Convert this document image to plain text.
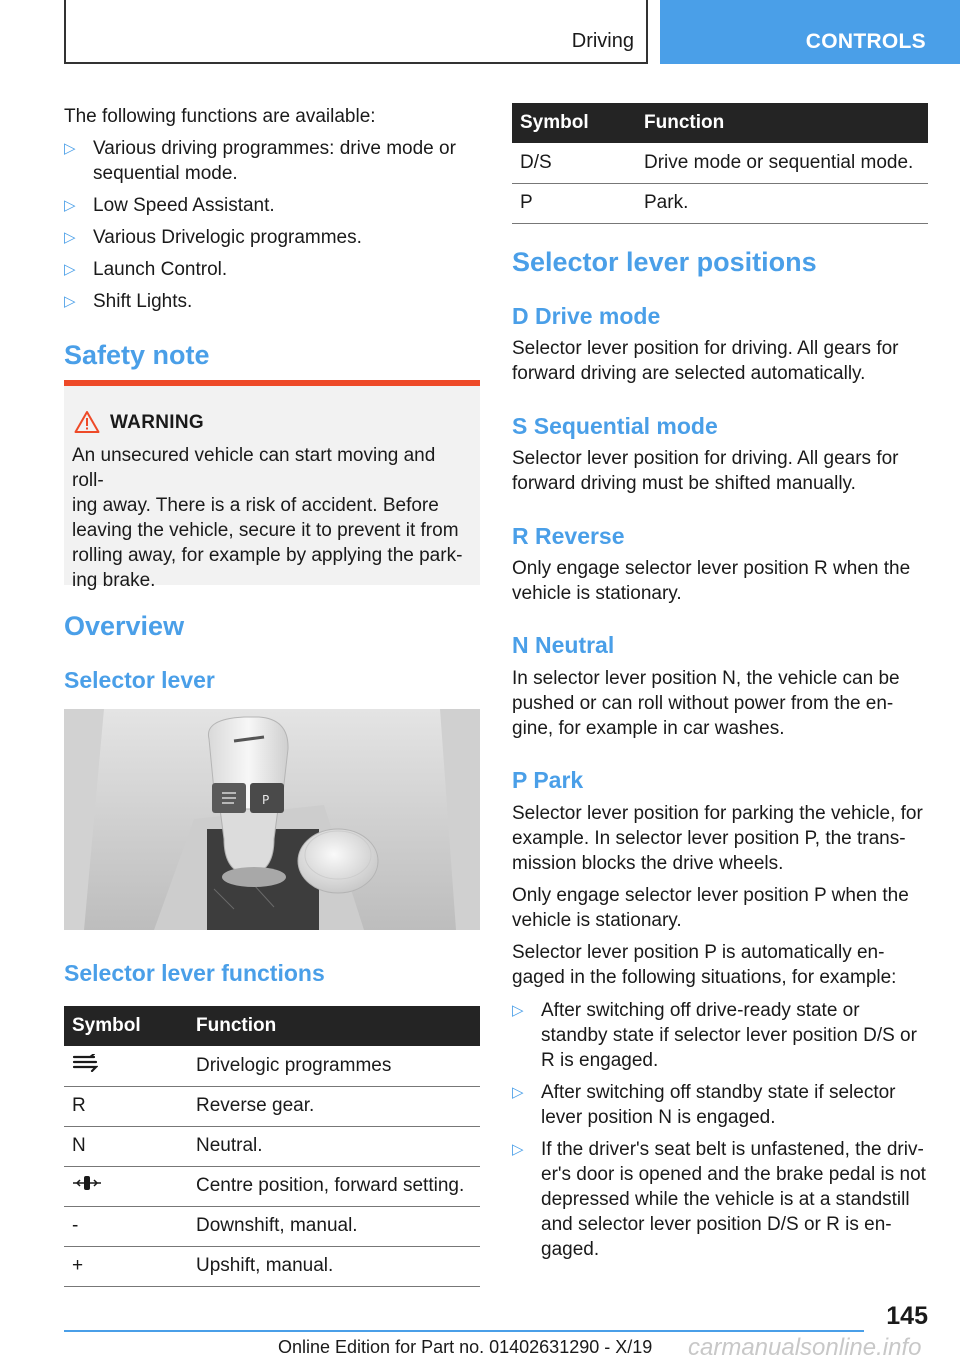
Driving	CONTROLS

The following functions are available:

▷ Various driving programmes: drive mode or
sequential mode.
▷ Low Speed Assistant.
▷ Various Drivelogic programmes.
▷ Launch Control.
▷ Shift Lights.
Safety note
WARNING
An unsecured vehicle can start moving and roll-
ing away. There is a risk of accident. Before
leaving the vehicle, secure it to prevent it from
rolling away, for example by applying the park-
ing brake.
Overview
Selector lever
P
Selector lever functions
Symbol	Function
	Drivelogic programmes
R	Reverse gear.
N	Neutral.
	Centre position, forward setting.
-	Downshift, manual.
+	Upshift, manual.
Symbol	Function
D/S	Drive mode or sequential mode.
P	Park.
Selector lever positions
D Drive mode

Selector lever position for driving. All gears for
forward driving are selected automatically.

S Sequential mode

Selector lever position for driving. All gears for
forward driving must be shifted manually.

R Reverse

Only engage selector lever position R when the
vehicle is stationary.

N Neutral

In selector lever position N, the vehicle can be
pushed or can roll without power from the en-
gine, for example in car washes.

P Park

Selector lever position for parking the vehicle, for
example. In selector lever position P, the trans-
mission blocks the drive wheels.

Only engage selector lever position P when the
vehicle is stationary.

Selector lever position P is automatically en-
gaged in the following situations, for example:

▷ After switching off drive-ready state or
standby state if selector lever position D/S or
R is engaged.
▷ After switching off standby state if selector
lever position N is engaged.
▷ If the driver's seat belt is unfastened, the driv-
er's door is opened and the brake pedal is not
depressed while the vehicle is at a standstill
and selector lever position D/S or R is en-
gaged.
145
Online Edition for Part no. 01402631290 - X/19 carmanualsonline.info
